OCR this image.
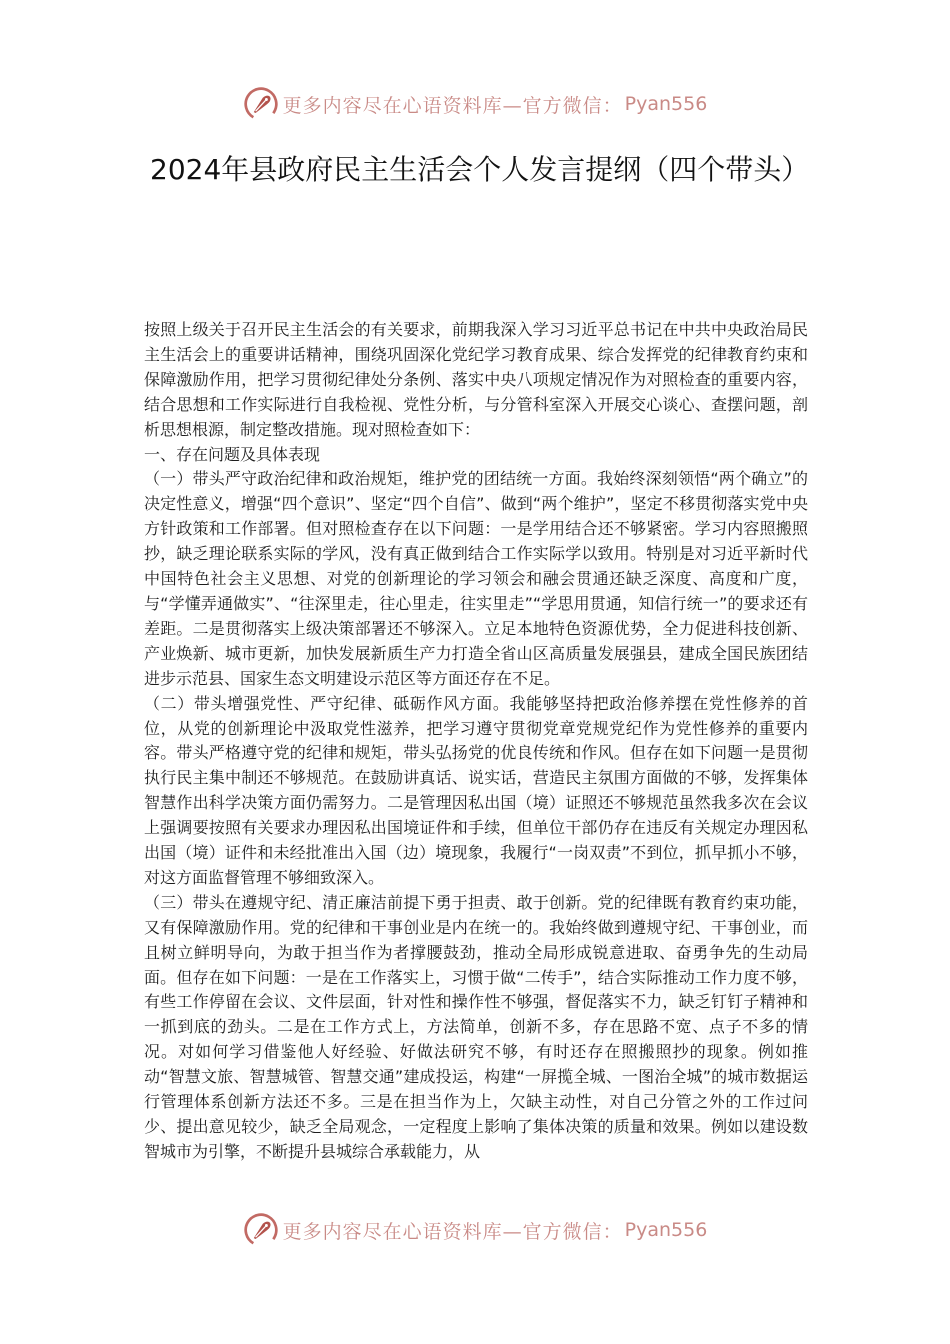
更多内容尽在心语资料库—官方微信： Pyan556
2024年县政府民主生活会个人发言提纲（四个带头）

按照上级关于召开民主生活会的有关要求，前期我深入学习习近平总书记在中共中央政治局民主生活会上的重要讲话精神，围绕巩固深化党纪学习教育成果、综合发挥党的纪律教育约束和保障激励作用，把学习贯彻纪律处分条例、落实中央八项规定情况作为对照检查的重要内容，结合思想和工作实际进行自我检视、党性分析，与分管科室深入开展交心谈心、查摆问题，剖析思想根源，制定整改措施。现对照检查如下：

一、存在问题及具体表现

（一）带头严守政治纪律和政治规矩，维护党的团结统一方面。我始终深刻领悟“两个确立”的决定性意义，增强“四个意识”、坚定“四个自信”、做到“两个维护”，坚定不移贯彻落实党中央方针政策和工作部署。但对照检查存在以下问题：一是学用结合还不够紧密。学习内容照搬照抄，缺乏理论联系实际的学风，没有真正做到结合工作实际学以致用。特别是对习近平新时代中国特色社会主义思想、对党的创新理论的学习领会和融会贯通还缺乏深度、高度和广度，与“学懂弄通做实”、“往深里走，往心里走，往实里走”“学思用贯通，知信行统一”的要求还有差距。二是贯彻落实上级决策部署还不够深入。立足本地特色资源优势，全力促进科技创新、产业焕新、城市更新，加快发展新质生产力打造全省山区高质量发展强县，建成全国民族团结进步示范县、国家生态文明建设示范区等方面还存在不足。

（二）带头增强党性、严守纪律、砥砺作风方面。我能够坚持把政治修养摆在党性修养的首位，从党的创新理论中汲取党性滋养，把学习遵守贯彻党章党规党纪作为党性修养的重要内容。带头严格遵守党的纪律和规矩，带头弘扬党的优良传统和作风。但存在如下问题一是贯彻执行民主集中制还不够规范。在鼓励讲真话、说实话，营造民主氛围方面做的不够，发挥集体智慧作出科学决策方面仍需努力。二是管理因私出国（境）证照还不够规范虽然我多次在会议上强调要按照有关要求办理因私出国境证件和手续，但单位干部仍存在违反有关规定办理因私出国（境）证件和未经批准出入国（边）境现象，我履行“一岗双责”不到位，抓早抓小不够，对这方面监督管理不够细致深入。

（三）带头在遵规守纪、清正廉洁前提下勇于担责、敢于创新。党的纪律既有教育约束功能，又有保障激励作用。党的纪律和干事创业是内在统一的。我始终做到遵规守纪、干事创业，而且树立鲜明导向，为敢于担当作为者撑腰鼓劲，推动全局形成锐意进取、奋勇争先的生动局面。但存在如下问题：一是在工作落实上，习惯于做“二传手”，结合实际推动工作力度不够，有些工作停留在会议、文件层面，针对性和操作性不够强，督促落实不力，缺乏钉钉子精神和一抓到底的劲头。二是在工作方式上，方法简单，创新不多，存在思路不宽、点子不多的情况。对如何学习借鉴他人好经验、好做法研究不够，有时还存在照搬照抄的现象。例如推动“智慧文旅、智慧城管、智慧交通”建成投运，构建“一屏揽全城、一图治全城”的城市数据运行管理体系创新方法还不多。三是在担当作为上，欠缺主动性，对自己分管之外的工作过问少、提出意见较少，缺乏全局观念，一定程度上影响了集体决策的质量和效果。例如以建设数智城市为引擎，不断提升县城综合承载能力，从

更多内容尽在心语资料库—官方微信： Pyan556
